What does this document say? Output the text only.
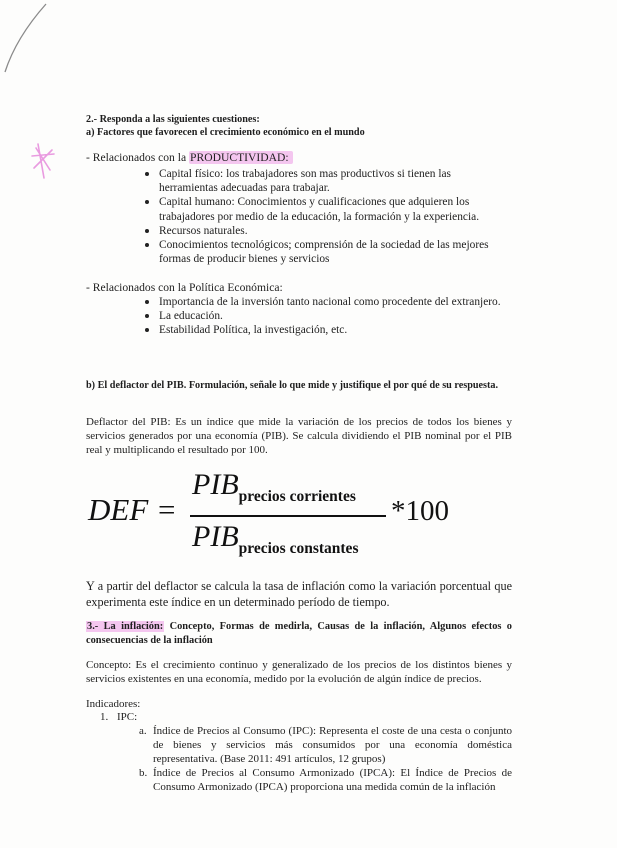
2.- Responda a las siguientes cuestiones:
a) Factores que favorecen el crecimiento económico en el mundo
- Relacionados con la PRODUCTIVIDAD:
Capital físico: los trabajadores son mas productivos si tienen las herramientas adecuadas para trabajar.
Capital humano: Conocimientos y cualificaciones que adquieren los trabajadores por medio de la educación, la formación y la experiencia.
Recursos naturales.
Conocimientos tecnológicos; comprensión de la sociedad de las mejores formas de producir bienes y servicios
- Relacionados con la Política Económica:
Importancia de la inversión tanto nacional como procedente del extranjero.
La educación.
Estabilidad Política, la investigación, etc.
b) El deflactor del PIB. Formulación, señale lo que mide y justifique el por qué de su respuesta.
Deflactor del PIB: Es un índice que mide la variación de los precios de todos los bienes y servicios generados por una economía (PIB). Se calcula dividiendo el PIB nominal por el PIB real y multiplicando el resultado por 100.
DEF =
$PIB_{precios corrientes}$
$PIB_{precios constantes}$
*100
Y a partir del deflactor se calcula la tasa de inflación como la variación porcentual que experimenta este índice en un determinado período de tiempo.
3.- La inflación: Concepto, Formas de medirla, Causas de la inflación, Algunos efectos o consecuencias de la inflación
Concepto: Es el crecimiento continuo y generalizado de los precios de los distintos bienes y servicios existentes en una economía, medido por la evolución de algún índice de precios.
Indicadores:
1. IPC:
a. Índice de Precios al Consumo (IPC): Representa el coste de una cesta o conjunto de bienes y servicios más consumidos por una economía doméstica representativa. (Base 2011: 491 artículos, 12 grupos)
b. Índice de Precios al Consumo Armonizado (IPCA): El Índice de Precios de Consumo Armonizado (IPCA) proporciona una medida común de la inflación
